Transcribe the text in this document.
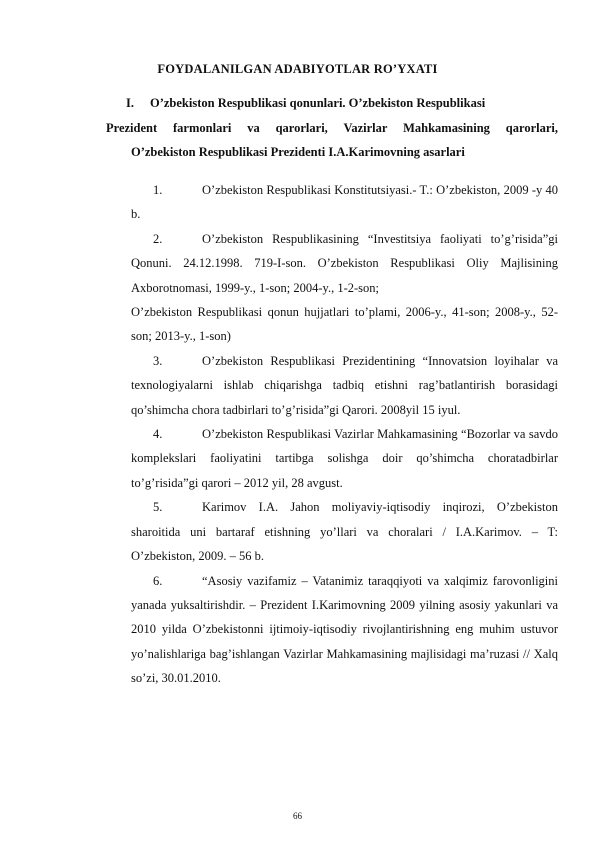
FOYDALANILGAN ADABIYOTLAR RO’YXATI
I. O’zbekiston Respublikasi qonunlari. O’zbekiston Respublikasi
Prezident farmonlari va qarorlari, Vazirlar Mahkamasining qarorlari,
O’zbekiston Respublikasi Prezidenti I.A.Karimovning asarlari
1.	O’zbekiston Respublikasi Konstitutsiyasi.- T.: O’zbekiston, 2009 -y 40 b.
2.	O’zbekiston Respublikasining “Investitsiya faoliyati to’g’risida”gi Qonuni. 24.12.1998. 719-I-son. O’zbekiston Respublikasi Oliy Majlisining Axborotnomasi, 1999-y., 1-son; 2004-y., 1-2-son;
O’zbekiston Respublikasi qonun hujjatlari to’plami, 2006-y., 41-son; 2008-y., 52-son; 2013-y., 1-son)
3.	O’zbekiston Respublikasi Prezidentining “Innovatsion loyihalar va texnologiyalarni ishlab chiqarishga tadbiq etishni rag’batlantirish borasidagi qo’shimcha chora tadbirlari to’g’risida”gi Qarori. 2008yil 15 iyul.
4.	O’zbekiston Respublikasi Vazirlar Mahkamasining “Bozorlar va savdo komplekslari faoliyatini tartibga solishga doir qo’shimcha choratadbirlar to’g’risida”gi qarori – 2012 yil, 28 avgust.
5.	Karimov I.A. Jahon moliyaviy-iqtisodiy inqirozi, O’zbekiston sharoitida uni bartaraf etishning yo’llari va choralari / I.A.Karimov. – T: O’zbekiston, 2009. – 56 b.
6.	“Asosiy vazifamiz – Vatanimiz taraqqiyoti va xalqimiz farovonligini yanada yuksaltirishdir. – Prezident I.Karimovning 2009 yilning asosiy yakunlari va 2010 yilda O’zbekistonni ijtimoiy-iqtisodiy rivojlantirishning eng muhim ustuvor yo’nalishlariga bag’ishlangan Vazirlar Mahkamasining majlisidagi ma’ruzasi // Xalq so’zi, 30.01.2010.
66
